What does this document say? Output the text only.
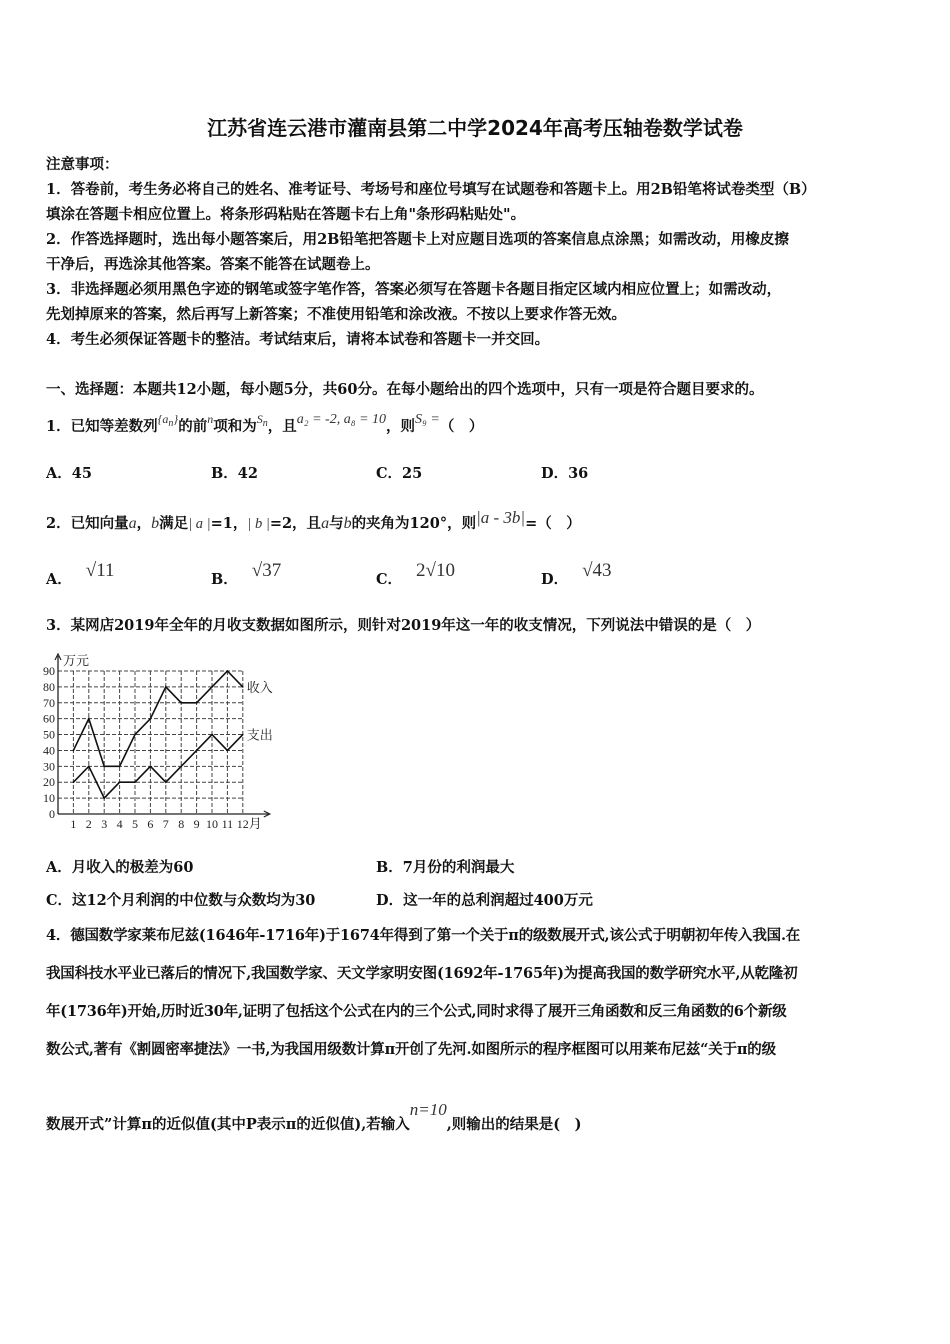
江苏省连云港市灌南县第二中学2024年高考压轴卷数学试卷
注意事项：
1．答卷前，考生务必将自己的姓名、准考证号、考场号和座位号填写在试题卷和答题卡上。用2B铅笔将试卷类型（B）
填涂在答题卡相应位置上。将条形码粘贴在答题卡右上角"条形码粘贴处"。
2．作答选择题时，选出每小题答案后，用2B铅笔把答题卡上对应题目选项的答案信息点涂黑；如需改动，用橡皮擦
干净后，再选涂其他答案。答案不能答在试题卷上。
3．非选择题必须用黑色字迹的钢笔或签字笔作答，答案必须写在答题卡各题目指定区域内相应位置上；如需改动，
先划掉原来的答案，然后再写上新答案；不准使用铅笔和涂改液。不按以上要求作答无效。
4．考生必须保证答题卡的整洁。考试结束后，请将本试卷和答题卡一并交回。
一、选择题：本题共12小题，每小题5分，共60分。在每小题给出的四个选项中，只有一项是符合题目要求的。
1．已知等差数列$^{\{a_n\}}$的前$^n$项和为$^{S_n}$，且a₂ = -2, a₈ = 10，则S₉ =（　）
A．45	B．42	C．25	D．36
2．已知向量a，b满足| a |=1，| b |=2，且a与b的夹角为120°，则|a - 3b|=（　）
A． √11	B． √37	C． 2√10	D． √43
3．某网店2019年全年的月收支数据如图所示，则针对2019年这一年的收支情况，下列说法中错误的是（　）
0
10
20
30
40
50
60
70
80
90
1 2 3 4 5 6 7 8 9 10 11 12
万元
月
收入
支出
A．月收入的极差为60	B．7月份的利润最大
C．这12个月利润的中位数与众数均为30	D．这一年的总利润超过400万元
4．德国数学家莱布尼兹(1646年-1716年)于1674年得到了第一个关于π的级数展开式,该公式于明朝初年传入我国.在
我国科技水平业已落后的情况下,我国数学家、天文学家明安图(1692年-1765年)为提高我国的数学研究水平,从乾隆初
年(1736年)开始,历时近30年,证明了包括这个公式在内的三个公式,同时求得了展开三角函数和反三角函数的6个新级
数公式,著有《割圆密率捷法》一书,为我国用级数计算π开创了先河.如图所示的程序框图可以用莱布尼兹“关于π的级
数展开式”计算π的近似值(其中P表示π的近似值),若输入n=10,则输出的结果是(　)
